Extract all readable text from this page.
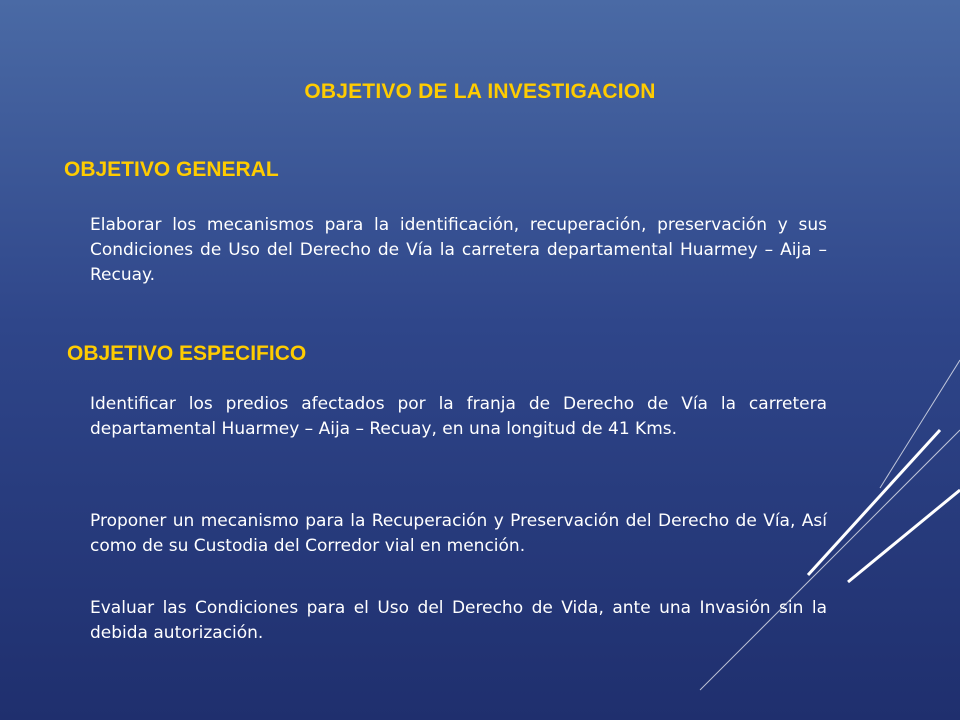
OBJETIVO DE LA INVESTIGACION
OBJETIVO GENERAL
Elaborar los mecanismos para la identificación, recuperación, preservación y sus Condiciones de Uso del Derecho de Vía la carretera departamental Huarmey – Aija – Recuay.
OBJETIVO ESPECIFICO
Identificar los predios afectados por la franja de Derecho de Vía la carretera departamental Huarmey – Aija – Recuay, en una longitud de 41 Kms.
Proponer un mecanismo para la Recuperación y Preservación del Derecho de Vía, Así como de su Custodia del Corredor vial en mención.
Evaluar las Condiciones para el Uso del Derecho de Vida, ante una Invasión sin la debida autorización.
